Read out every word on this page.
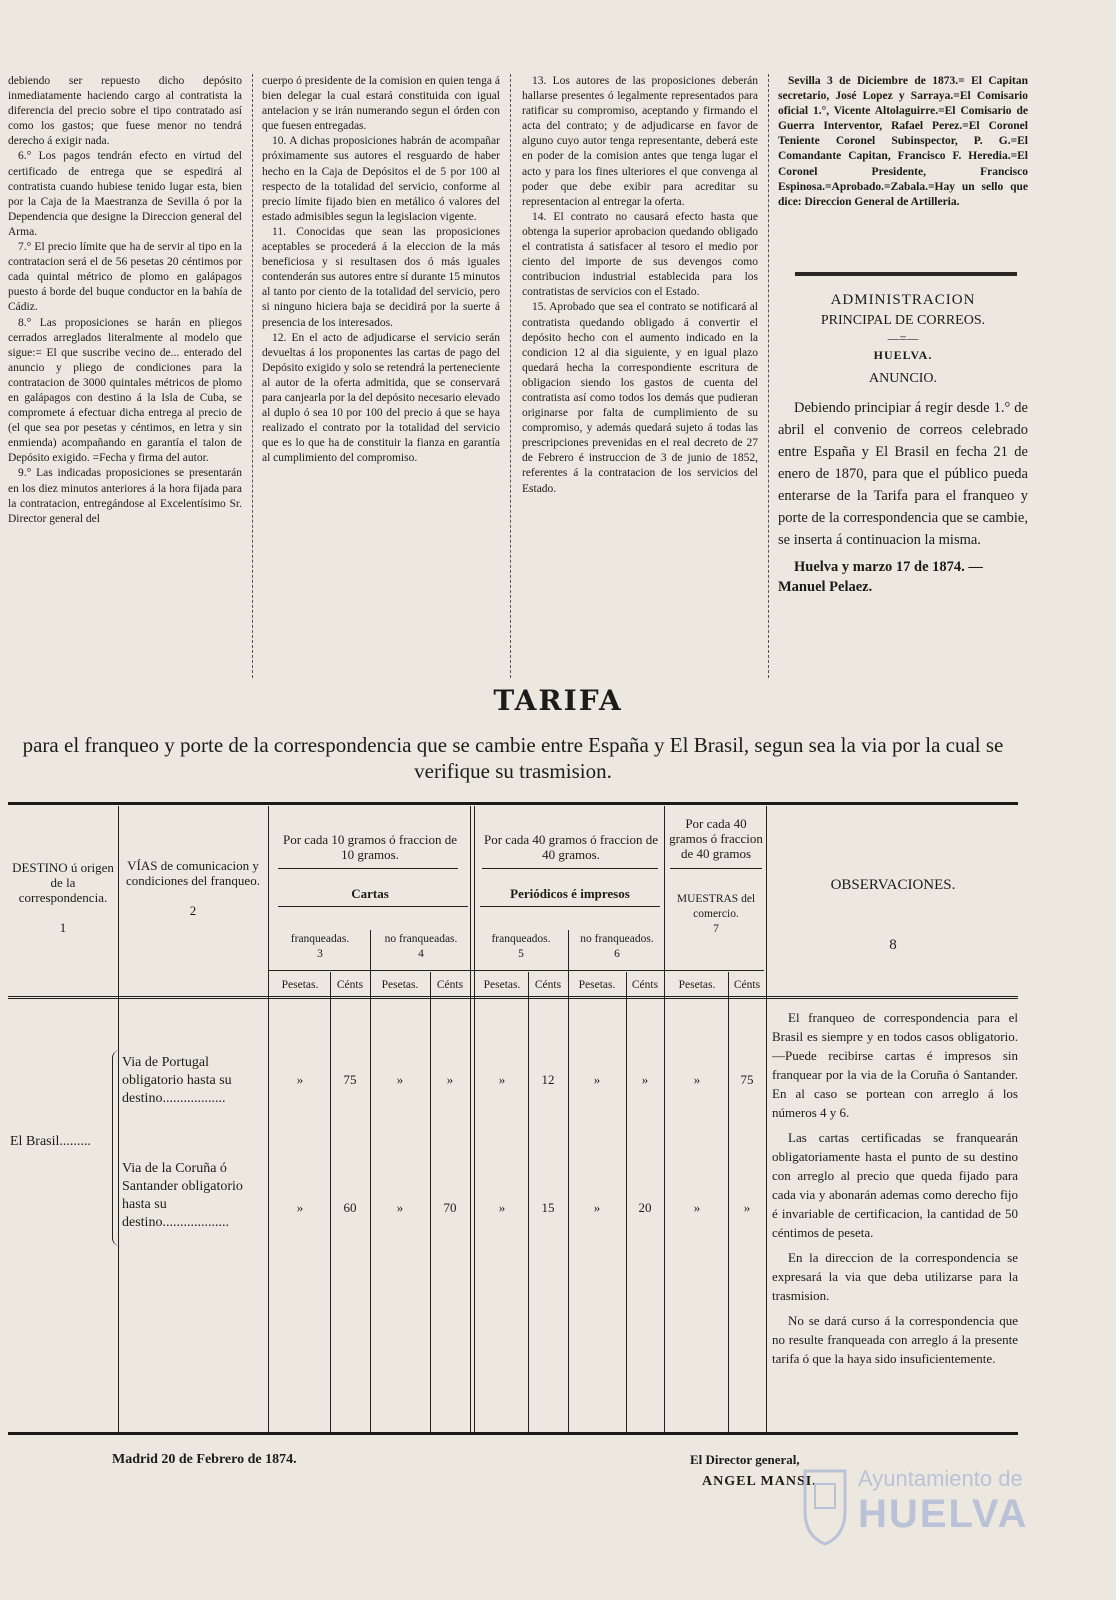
debiendo ser repuesto dicho depósito inmediatamente haciendo cargo al contratista la diferencia del precio sobre el tipo contratado así como los gastos; que fuese menor no tendrá derecho á exigir nada.

6.° Los pagos tendrán efecto en virtud del certificado de entrega que se espedirá al contratista cuando hubiese tenido lugar esta, bien por la Caja de la Maestranza de Sevilla ó por la Dependencia que designe la Direccion general del Arma.

7.° El precio límite que ha de servir al tipo en la contratacion será el de 56 pesetas 20 céntimos por cada quintal métrico de plomo en galápagos puesto á borde del buque conductor en la bahía de Cádiz.

8.° Las proposiciones se harán en pliegos cerrados arreglados literalmente al modelo que sigue:= El que suscribe vecino de... enterado del anuncio y pliego de condiciones para la contratacion de 3000 quintales métricos de plomo en galápagos con destino á la Isla de Cuba, se compromete á efectuar dicha entrega al precio de (el que sea por pesetas y céntimos, en letra y sin enmienda) acompañando en garantía el talon de Depósito exigido. =Fecha y firma del autor.

9.° Las indicadas proposiciones se presentarán en los diez minutos anteriores á la hora fijada para la contratacion, entregándose al Excelentísimo Sr. Director general del

cuerpo ó presidente de la comision en quien tenga á bien delegar la cual estará constituida con igual antelacion y se irán numerando segun el órden con que fuesen entregadas.

10. A dichas proposiciones habrán de acompañar próximamente sus autores el resguardo de haber hecho en la Caja de Depósitos el de 5 por 100 al respecto de la totalidad del servicio, conforme al precio límite fijado bien en metálico ó valores del estado admisibles segun la legislacion vigente.

11. Conocidas que sean las proposiciones aceptables se procederá á la eleccion de la más beneficiosa y si resultasen dos ó más iguales contenderán sus autores entre sí durante 15 minutos al tanto por ciento de la totalidad del servicio, pero si ninguno hiciera baja se decidirá por la suerte á presencia de los interesados.

12. En el acto de adjudicarse el servicio serán devueltas á los proponentes las cartas de pago del Depósito exigido y solo se retendrá la perteneciente al autor de la oferta admitida, que se conservará para canjearla por la del depósito necesario elevado al duplo ó sea 10 por 100 del precio á que se haya realizado el contrato por la totalidad del servicio que es lo que ha de constituir la fianza en garantía al cumplimiento del compromiso.

13. Los autores de las proposiciones deberán hallarse presentes ó legalmente representados para ratificar su compromiso, aceptando y firmando el acta del contrato; y de adjudicarse en favor de alguno cuyo autor tenga representante, deberá este en poder de la comision antes que tenga lugar el acto y para los fines ulteriores el que convenga al poder que debe exibir para acreditar su representacion al entregar la oferta.

14. El contrato no causará efecto hasta que obtenga la superior aprobacion quedando obligado el contratista á satisfacer al tesoro el medio por ciento del importe de sus devengos como contribucion industrial establecida para los contratistas de servicios con el Estado.

15. Aprobado que sea el contrato se notificará al contratista quedando obligado á convertir el depósito hecho con el aumento indicado en la condicion 12 al dia siguiente, y en igual plazo quedará hecha la correspondiente escritura de obligacion siendo los gastos de cuenta del contratista así como todos los demás que pudieran originarse por falta de cumplimiento de su compromiso, y además quedará sujeto á todas las prescripciones prevenidas en el real decreto de 27 de Febrero é instruccion de 3 de junio de 1852, referentes á la contratacion de los servicios del Estado.

Sevilla 3 de Diciembre de 1873.= El Capitan secretario, José Lopez y Sarraya.=El Comisario oficial 1.°, Vicente Altolaguirre.=El Comisario de Guerra Interventor, Rafael Perez.=El Coronel Teniente Coronel Subinspector, P. G.=El Comandante Capitan, Francisco F. Heredia.=El Coronel Presidente, Francisco Espinosa.=Aprobado.=Zabala.=Hay un sello que dice: Direccion General de Artilleria.

ADMINISTRACION
PRINCIPAL DE CORREOS.
—=—
HUELVA.
ANUNCIO.

Debiendo principiar á regir desde 1.° de abril el convenio de correos celebrado entre España y El Brasil en fecha 21 de enero de 1870, para que el público pueda enterarse de la Tarifa para el franqueo y porte de la correspondencia que se cambie, se inserta á continuacion la misma.

Huelva y marzo 17 de 1874. —Manuel Pelaez.

TARIFA
para el franqueo y porte de la correspondencia que se cambie entre España y El Brasil, segun sea la via por la cual se verifique su trasmision.
DESTINO ú origen de la correspondencia.

1
VÍAS de comunicacion y condiciones del franqueo.

2
Por cada 10 gramos ó fraccion de 10 gramos.
Cartas
franqueadas.
3
no franqueadas.
4
Por cada 40 gramos ó fraccion de 40 gramos.
Periódicos é impresos
franqueados.
5
no franqueados.
6
Por cada 40 gramos ó fraccion de 40 gramos
MUESTRAS del comercio.
7
OBSERVACIONES.

8
Pesetas.	Cénts	Pesetas.	Cénts	Pesetas.	Cénts	Pesetas.	Cénts	Pesetas.	Cénts
El Brasil.........
Via de Portugal obligatorio hasta su destino..................
»	75	»	»	»	12	»	»	»	75
Via de la Coruña ó Santander obligatorio hasta su destino...................
»	60	»	70	»	15	»	20	»	»

El franqueo de correspondencia para el Brasil es siempre y en todos casos obligatorio.—Puede recibirse cartas é impresos sin franquear por la via de la Coruña ó Santander. En al caso se portean con arreglo á los números 4 y 6.

Las cartas certificadas se franquearán obligatoriamente hasta el punto de su destino con arreglo al precio que queda fijado para cada via y abonarán ademas como derecho fijo é invariable de certificacion, la cantidad de 50 céntimos de peseta.

En la direccion de la correspondencia se expresará la via que deba utilizarse para la trasmision.

No se dará curso á la correspondencia que no resulte franqueada con arreglo á la presente tarifa ó que la haya sido insuficientemente.

Madrid 20 de Febrero de 1874.	El Director general,
ANGEL MANSI. Ayuntamiento de
HUELVA
